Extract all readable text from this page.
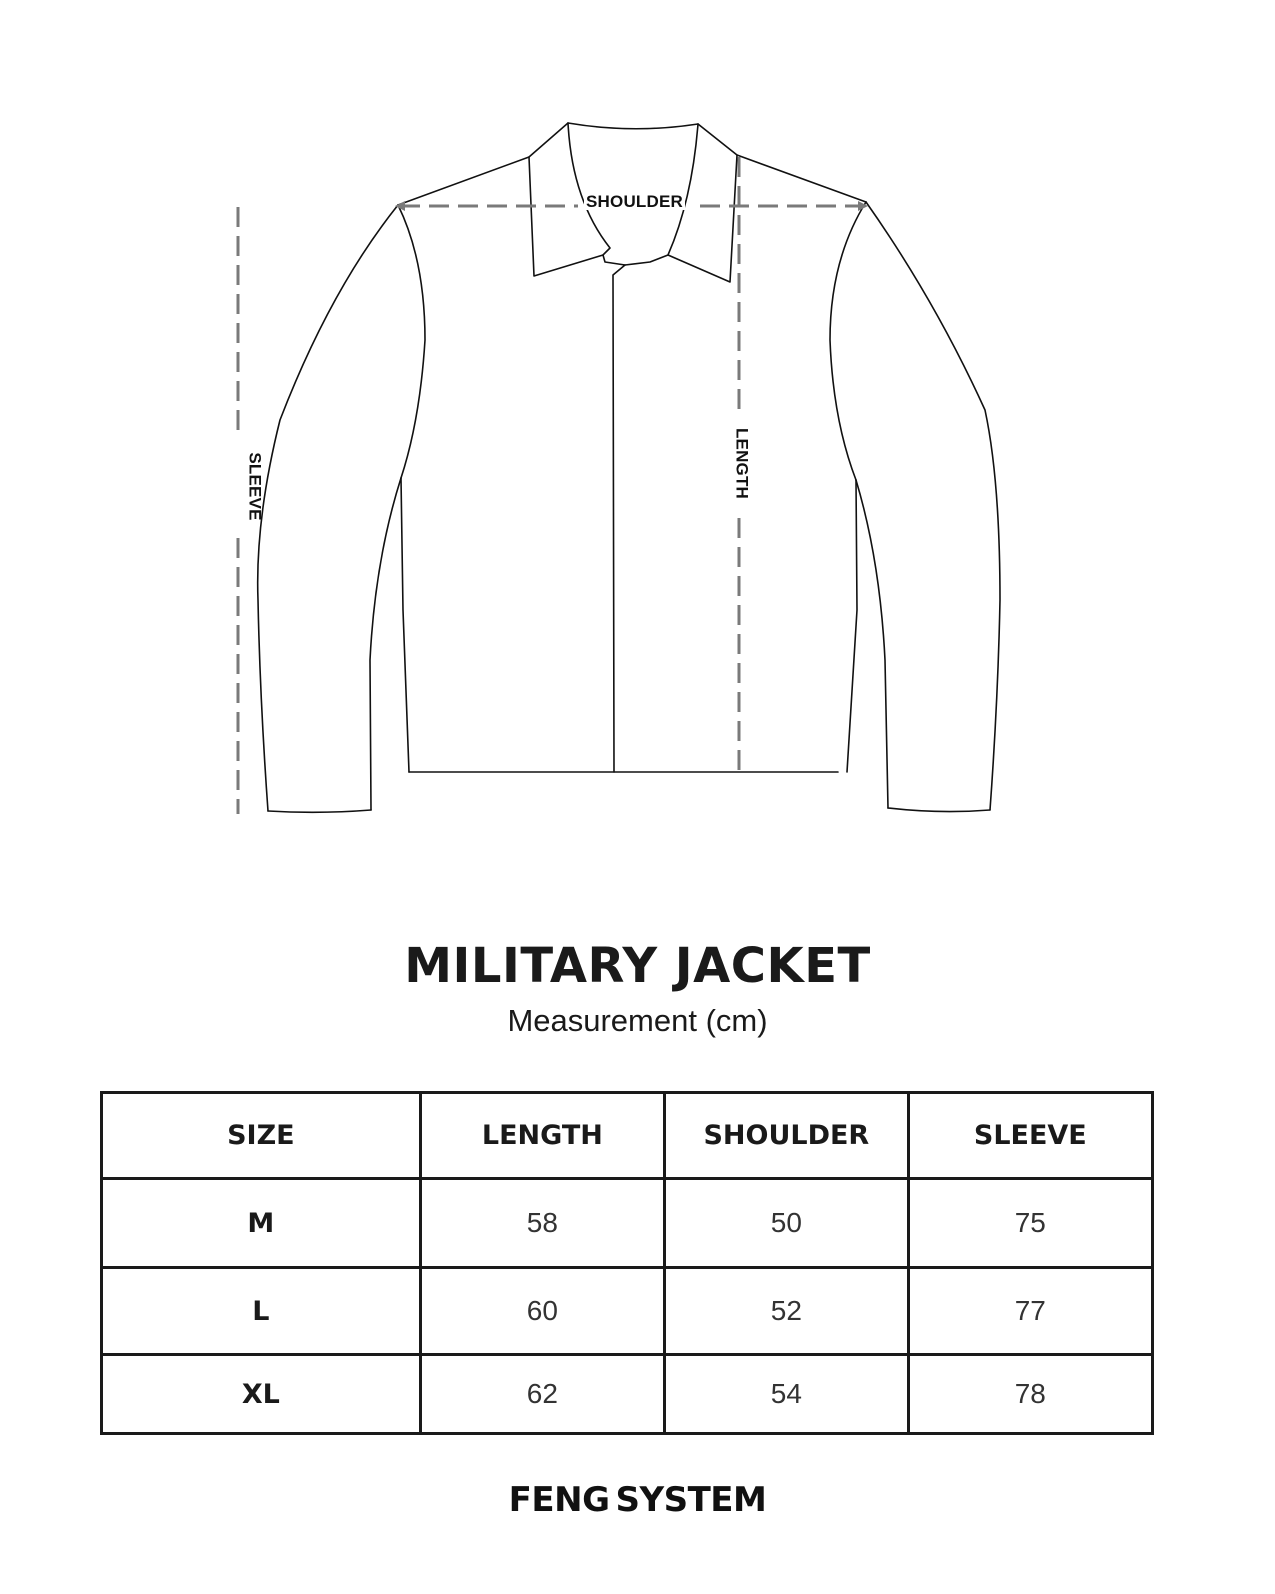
SHOULDER
SLEEVE	LENGTH
MILITARY JACKET
Measurement (cm)
SIZE	LENGTH	SHOULDER	SLEEVE
M	58	50	75
L	60	52	77
XL	62	54	78
FENG SYSTEM
